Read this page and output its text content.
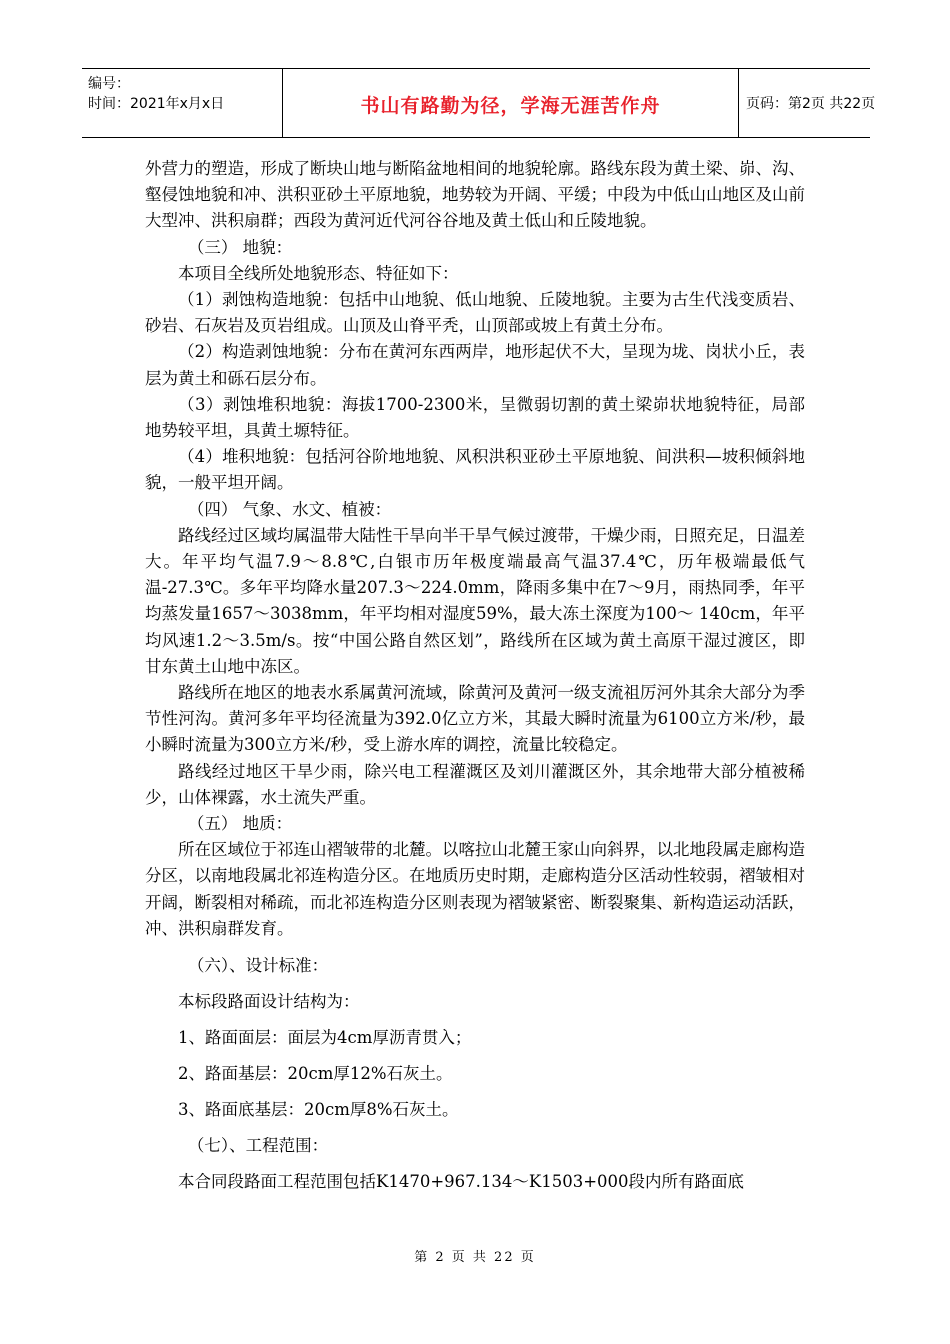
编号：
时间：2021年x月x日	书山有路勤为径，学海无涯苦作舟	页码：第2页 共22页

外营力的塑造，形成了断块山地与断陷盆地相间的地貌轮廓。路线东段为黄土梁、峁、沟、壑侵蚀地貌和冲、洪积亚砂土平原地貌，地势较为开阔、平缓；中段为中低山山地区及山前大型冲、洪积扇群；西段为黄河近代河谷谷地及黄土低山和丘陵地貌。

（三） 地貌：

本项目全线所处地貌形态、特征如下：

（1）剥蚀构造地貌：包括中山地貌、低山地貌、丘陵地貌。主要为古生代浅变质岩、砂岩、石灰岩及页岩组成。山顶及山脊平秃，山顶部或坡上有黄土分布。

（2）构造剥蚀地貌：分布在黄河东西两岸，地形起伏不大，呈现为垅、岗状小丘，表层为黄土和砾石层分布。

（3）剥蚀堆积地貌：海拔1700-2300米，呈微弱切割的黄土梁峁状地貌特征，局部地势较平坦，具黄土塬特征。

（4）堆积地貌：包括河谷阶地地貌、风积洪积亚砂土平原地貌、间洪积—坡积倾斜地貌，一般平坦开阔。

（四） 气象、水文、植被：

路线经过区域均属温带大陆性干旱向半干旱气候过渡带，干燥少雨，日照充足，日温差大。年平均气温7.9～8.8℃,白银市历年极度端最高气温37.4℃，历年极端最低气温-27.3℃。多年平均降水量207.3～224.0mm，降雨多集中在7～9月，雨热同季，年平均蒸发量1657～3038mm，年平均相对湿度59%，最大冻土深度为100～ 140cm，年平均风速1.2～3.5m/s。按“中国公路自然区划”，路线所在区域为黄土高原干湿过渡区，即甘东黄土山地中冻区。

路线所在地区的地表水系属黄河流域，除黄河及黄河一级支流祖厉河外其余大部分为季节性河沟。黄河多年平均径流量为392.0亿立方米，其最大瞬时流量为6100立方米/秒，最小瞬时流量为300立方米/秒，受上游水库的调控，流量比较稳定。

路线经过地区干旱少雨，除兴电工程灌溉区及刘川灌溉区外，其余地带大部分植被稀少，山体裸露，水土流失严重。

（五） 地质：

所在区域位于祁连山褶皱带的北麓。以喀拉山北麓王家山向斜界，以北地段属走廊构造分区，以南地段属北祁连构造分区。在地质历史时期，走廊构造分区活动性较弱，褶皱相对开阔，断裂相对稀疏，而北祁连构造分区则表现为褶皱紧密、断裂聚集、新构造运动活跃，冲、洪积扇群发育。

（六）、设计标准：

本标段路面设计结构为：

1、路面面层：面层为4cm厚沥青贯入；

2、路面基层：20cm厚12%石灰土。

3、路面底基层：20cm厚8%石灰土。

（七）、工程范围：

本合同段路面工程范围包括K1470+967.134～K1503+000段内所有路面底

第 2 页 共 22 页
